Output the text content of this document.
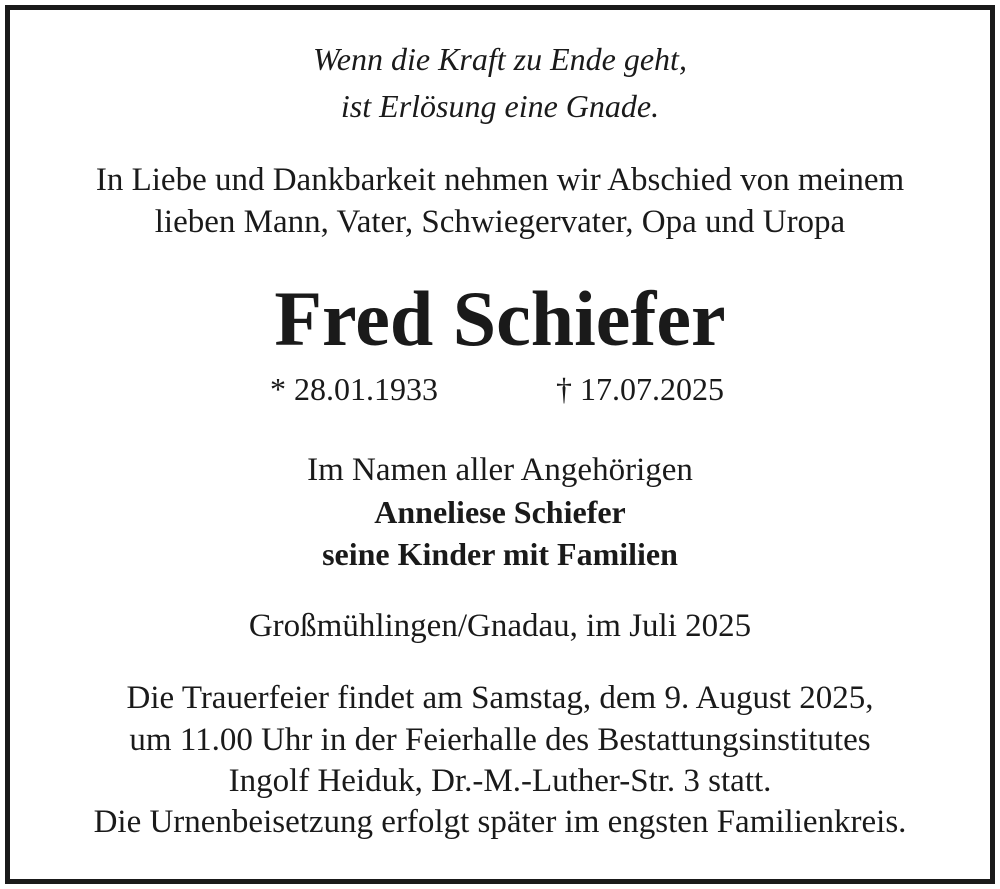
Wenn die Kraft zu Ende geht,
ist Erlösung eine Gnade.
In Liebe und Dankbarkeit nehmen wir Abschied von meinem
lieben Mann, Vater, Schwiegervater, Opa und Uropa
Fred Schiefer
* 28.01.1933	† 17.07.2025
Im Namen aller Angehörigen
Anneliese Schiefer
seine Kinder mit Familien
Großmühlingen/Gnadau, im Juli 2025
Die Trauerfeier findet am Samstag, dem 9. August 2025,
um 11.00 Uhr in der Feierhalle des Bestattungsinstitutes
Ingolf Heiduk, Dr.-M.-Luther-Str. 3 statt.
Die Urnenbeisetzung erfolgt später im engsten Familienkreis.
